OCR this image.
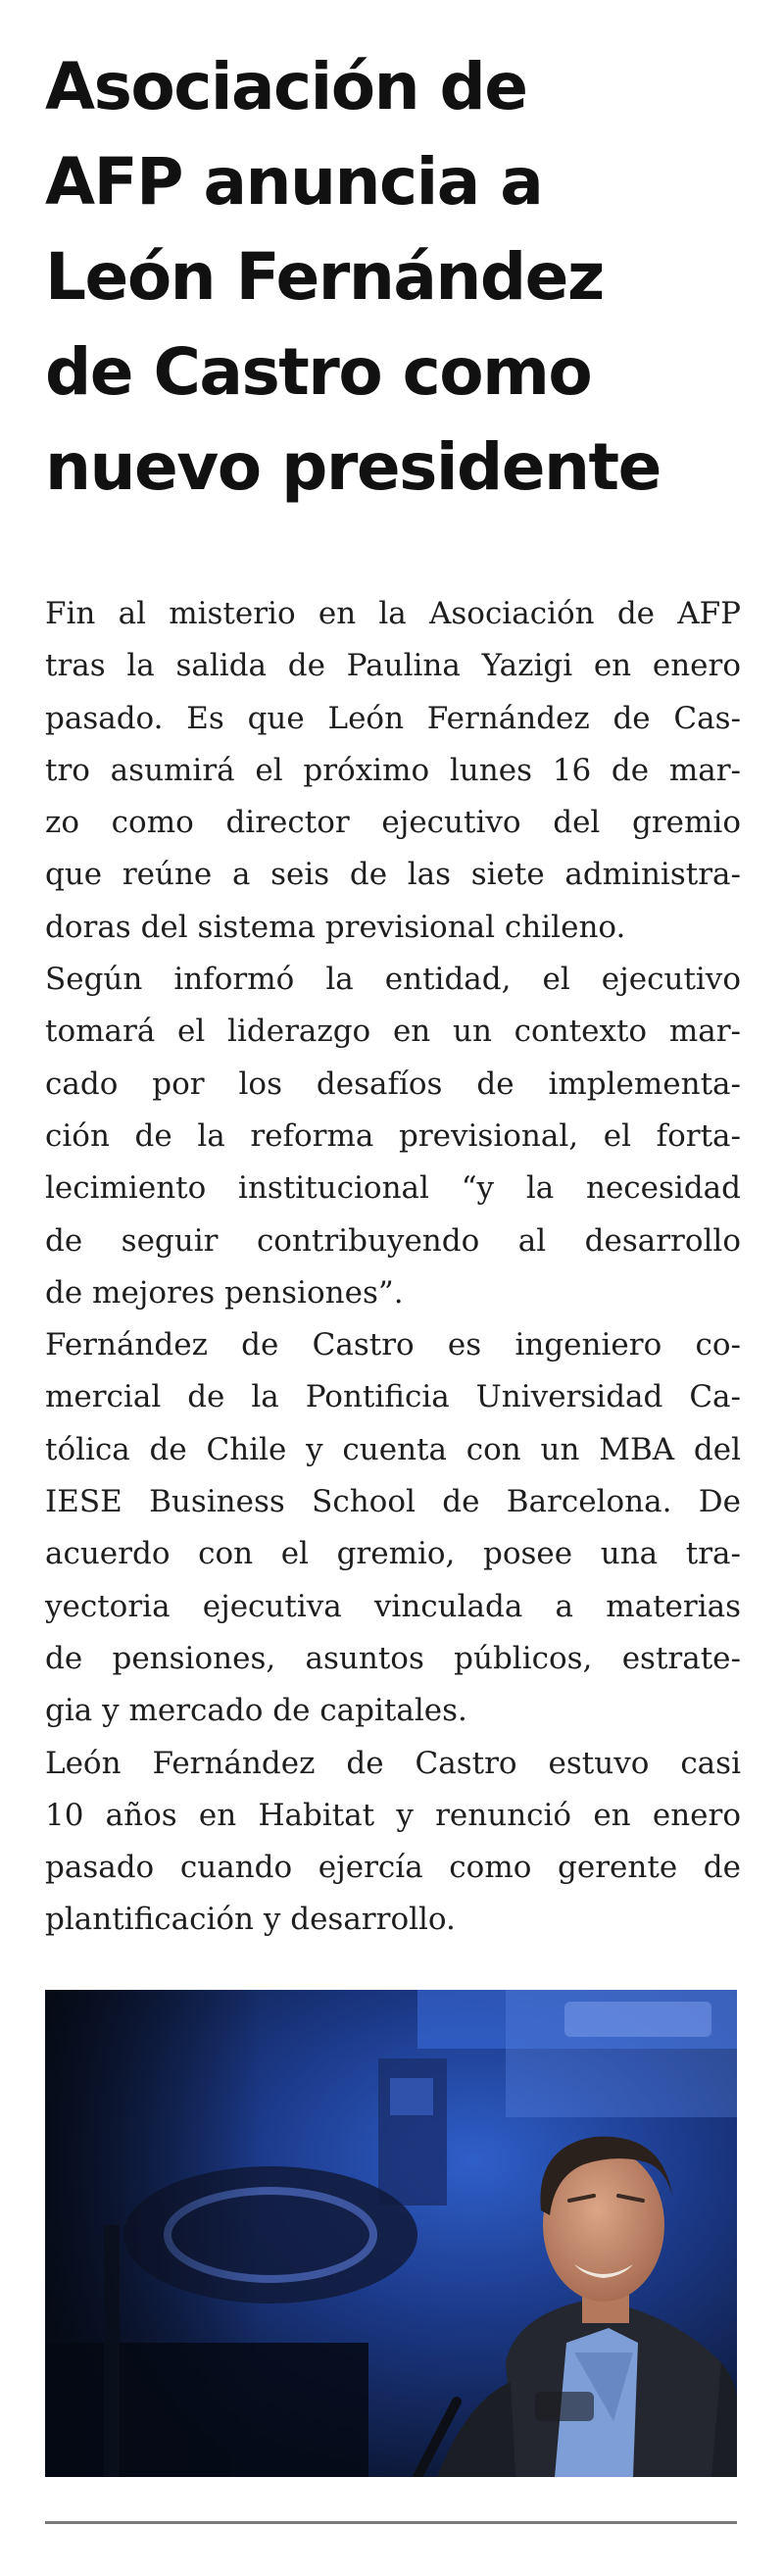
Asociación de
AFP anuncia a
León Fernández
de Castro como
nuevo presidente
Fin al misterio en la Asociación de AFP
tras la salida de Paulina Yazigi en enero
pasado. Es que León Fernández de Cas-
tro asumirá el próximo lunes 16 de mar-
zo como director ejecutivo del gremio
que reúne a seis de las siete administra-
doras del sistema previsional chileno.
Según informó la entidad, el ejecutivo
tomará el liderazgo en un contexto mar-
cado por los desafíos de implementa-
ción de la reforma previsional, el forta-
lecimiento institucional “y la necesidad
de seguir contribuyendo al desarrollo
de mejores pensiones”.
Fernández de Castro es ingeniero co-
mercial de la Pontificia Universidad Ca-
tólica de Chile y cuenta con un MBA del
IESE Business School de Barcelona. De
acuerdo con el gremio, posee una tra-
yectoria ejecutiva vinculada a materias
de pensiones, asuntos públicos, estrate-
gia y mercado de capitales.
León Fernández de Castro estuvo casi
10 años en Habitat y renunció en enero
pasado cuando ejercía como gerente de
plantificación y desarrollo.
